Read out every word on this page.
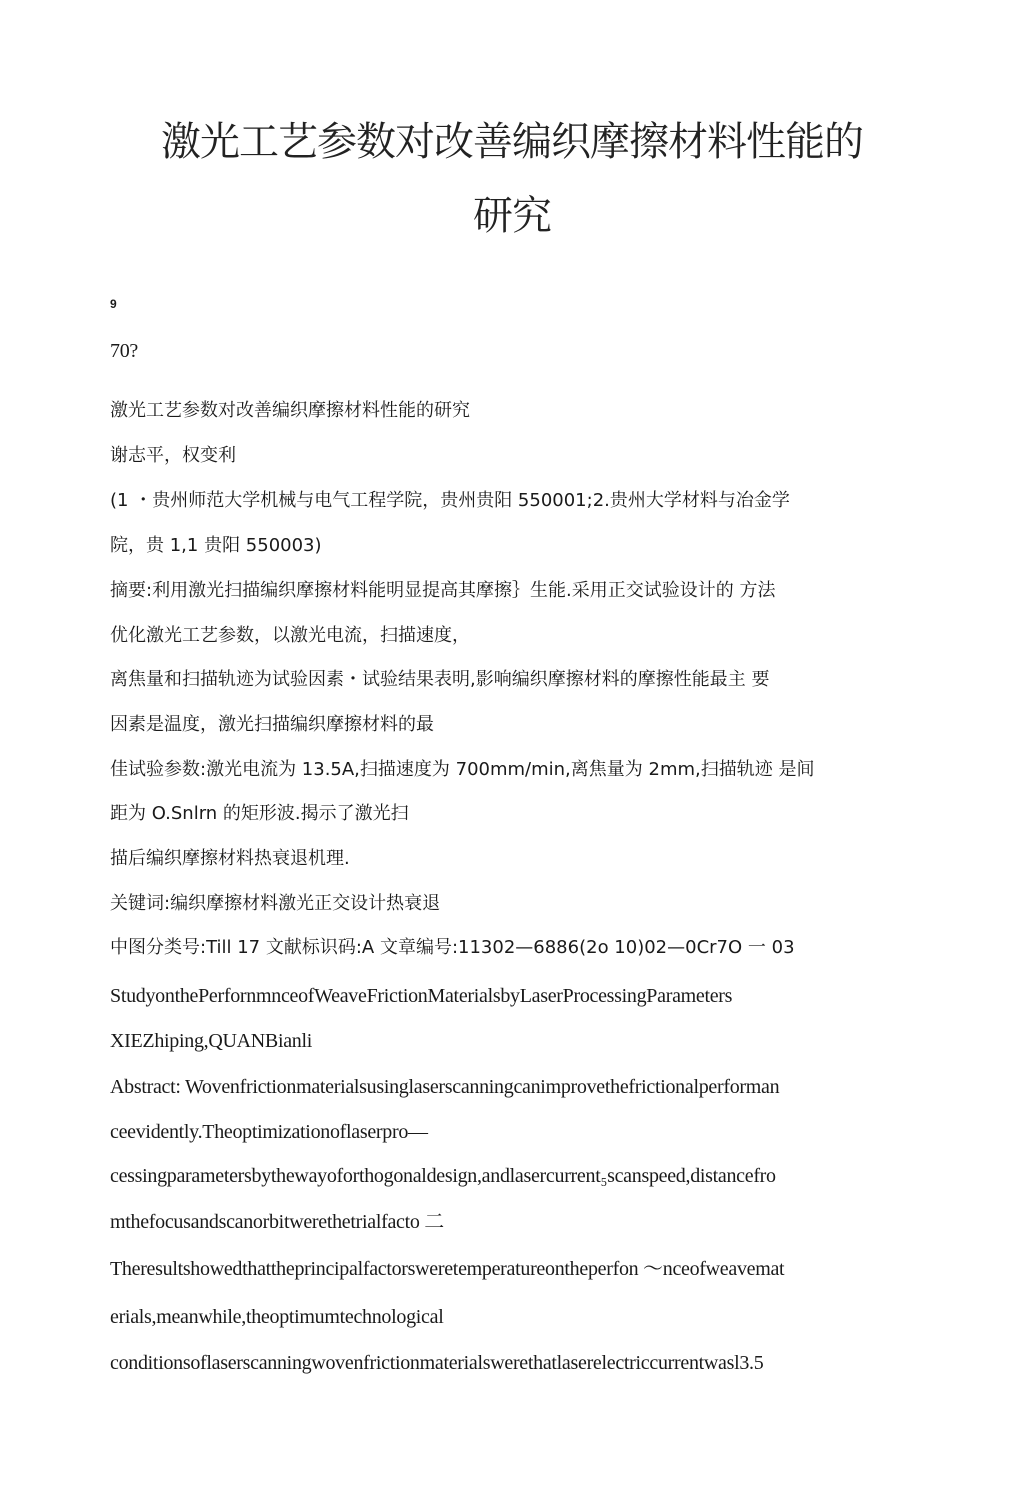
激光工艺参数对改善编织摩擦材料性能的
研究
9
70?
激光工艺参数对改善编织摩擦材料性能的研究
谢志平，权变利
(1 ・贵州师范大学机械与电气工程学院，贵州贵阳 550001;2.贵州大学材料与冶金学
院，贵 1,1 贵阳 550003)
摘要:利用激光扫描编织摩擦材料能明显提高其摩擦｝生能.采用正交试验设计的 方法
优化激光工艺参数，以激光电流，扫描速度，
离焦量和扫描轨迹为试验因素・试验结果表明,影响编织摩擦材料的摩擦性能最主 要
因素是温度，激光扫描编织摩擦材料的最
佳试验参数:激光电流为 13.5A,扫描速度为 700mm/min,离焦量为 2mm,扫描轨迹 是间
距为 O.Snlrn 的矩形波.揭示了激光扫
描后编织摩擦材料热衰退机理.
关键词:编织摩擦材料激光正交设计热衰退
中图分类号:Till 17 文献标识码:A 文章编号:11302—6886(2o 10)02—0Cr7O 一 03
StudyonthePerfornmnceofWeaveFrictionMaterialsbyLaserProcessingParameters
XIEZhiping,QUANBianli
Abstract: Wovenfrictionmaterialsusinglaserscanningcanimprovethefrictionalperforman
ceevidently.Theoptimizationoflaserpro—
cessingparametersbythewayoforthogonaldesign,andlasercurrent₅scanspeed,distancefro
mthefocusandscanorbitwerethetrialfacto 二
Theresultshowedthattheprincipalfactorsweretemperatureontheperfon ～nceofweavemat
erials,meanwhile,theoptimumtechnological
conditionsoflaserscanningwovenfrictionmaterialswerethatlaserelectriccurrentwasl3.5
